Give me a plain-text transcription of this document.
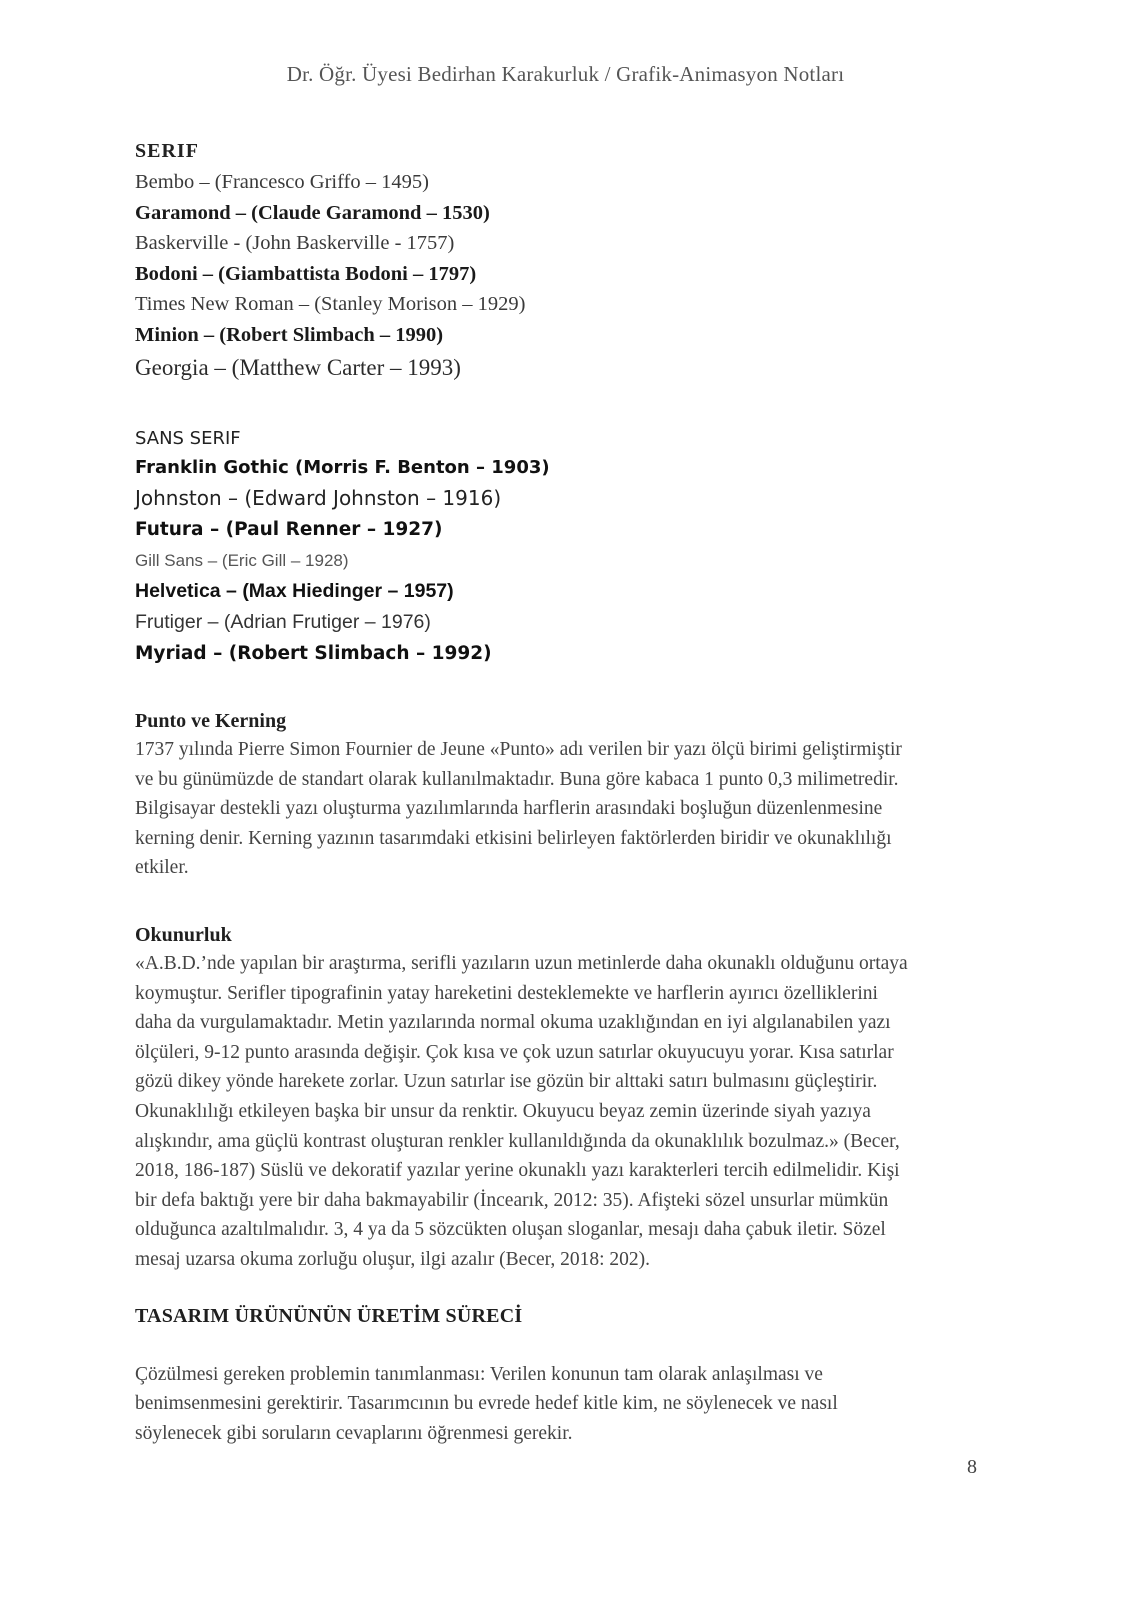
Dr. Öğr. Üyesi Bedirhan Karakurluk / Grafik-Animasyon Notları
SERIF
Bembo – (Francesco Griffo – 1495)
Garamond – (Claude Garamond – 1530)
Baskerville - (John Baskerville - 1757)
Bodoni – (Giambattista Bodoni – 1797)
Times New Roman – (Stanley Morison – 1929)
Minion – (Robert Slimbach – 1990)
Georgia – (Matthew Carter – 1993)
SANS SERIF
Franklin Gothic (Morris F. Benton – 1903)
Johnston – (Edward Johnston – 1916)
Futura – (Paul Renner – 1927)
Gill Sans – (Eric Gill – 1928)
Helvetica – (Max Hiedinger – 1957)
Frutiger – (Adrian Frutiger – 1976)
Myriad – (Robert Slimbach – 1992)
Punto ve Kerning

1737 yılında Pierre Simon Fournier de Jeune «Punto» adı verilen bir yazı ölçü birimi geliştirmiştir
ve bu günümüzde de standart olarak kullanılmaktadır. Buna göre kabaca 1 punto 0,3 milimetredir.
Bilgisayar destekli yazı oluşturma yazılımlarında harflerin arasındaki boşluğun düzenlenmesine
kerning denir. Kerning yazının tasarımdaki etkisini belirleyen faktörlerden biridir ve okunaklılığı
etkiler.

Okunurluk

«A.B.D.’nde yapılan bir araştırma, serifli yazıların uzun metinlerde daha okunaklı olduğunu ortaya
koymuştur. Serifler tipografinin yatay hareketini desteklemekte ve harflerin ayırıcı özelliklerini
daha da vurgulamaktadır. Metin yazılarında normal okuma uzaklığından en iyi algılanabilen yazı
ölçüleri, 9-12 punto arasında değişir. Çok kısa ve çok uzun satırlar okuyucuyu yorar. Kısa satırlar
gözü dikey yönde harekete zorlar. Uzun satırlar ise gözün bir alttaki satırı bulmasını güçleştirir.
Okunaklılığı etkileyen başka bir unsur da renktir. Okuyucu beyaz zemin üzerinde siyah yazıya
alışkındır, ama güçlü kontrast oluşturan renkler kullanıldığında da okunaklılık bozulmaz.» (Becer,
2018, 186-187) Süslü ve dekoratif yazılar yerine okunaklı yazı karakterleri tercih edilmelidir. Kişi
bir defa baktığı yere bir daha bakmayabilir (İncearık, 2012: 35). Afişteki sözel unsurlar mümkün
olduğunca azaltılmalıdır. 3, 4 ya da 5 sözcükten oluşan sloganlar, mesajı daha çabuk iletir. Sözel
mesaj uzarsa okuma zorluğu oluşur, ilgi azalır (Becer, 2018: 202).

TASARIM ÜRÜNÜNÜN ÜRETİM SÜRECİ

Çözülmesi gereken problemin tanımlanması: Verilen konunun tam olarak anlaşılması ve
benimsenmesini gerektirir. Tasarımcının bu evrede hedef kitle kim, ne söylenecek ve nasıl
söylenecek gibi soruların cevaplarını öğrenmesi gerekir.

8
